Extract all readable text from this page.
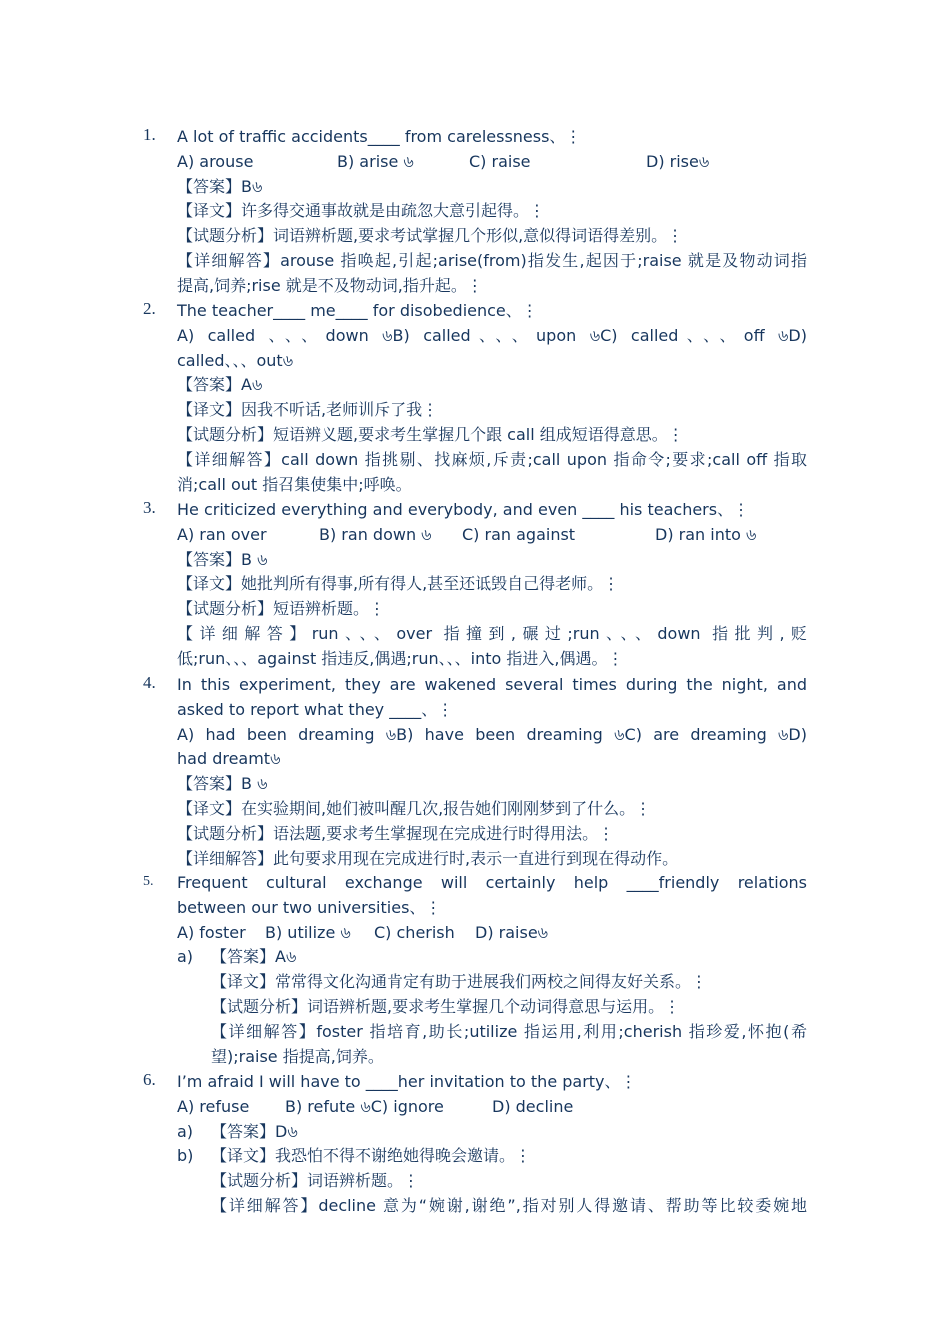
1. A lot of traffic accidents____ from carelessness、⋮
A) arouse	B) arise ৬	C) raise	D) rise৬
【答案】B৬
【译文】许多得交通事故就是由疏忽大意引起得。⋮
【试题分析】词语辨析题,要求考试掌握几个形似,意似得词语得差别。⋮
【详细解答】arouse 指唤起,引起;arise(from)指发生,起因于;raise 就是及物动词指
提高,饲养;rise 就是不及物动词,指升起。⋮
2. The teacher____ me____ for disobedience、⋮
A) called 、、、down ৬B) called、、、upon ৬C) called、、、off ৬D)
called、、、out৬
【答案】A৬
【译文】因我不听话,老师训斥了我⋮
【试题分析】短语辨义题,要求考生掌握几个跟 call 组成短语得意思。⋮
【详细解答】call down 指挑剔、找麻烦,斥责;call upon 指命令;要求;call off 指取
消;call out 指召集使集中;呼唤。
3. He criticized everything and everybody, and even ____ his teachers、⋮
A) ran over	B) ran down ৬ C) ran against	D) ran into ৬
【答案】B ৬
【译文】她批判所有得事,所有得人,甚至还诋毁自己得老师。⋮
【试题分析】短语辨析题。⋮
【详细解答】run、、、over 指撞到,碾过;run、、、down 指批判,贬
低;run、、、against 指违反,偶遇;run、、、into 指进入,偶遇。⋮
4. In this experiment, they are wakened several times during the night, and
asked to report what they ____、⋮
A) had been dreaming ৬B) have been dreaming ৬C) are dreaming ৬D)
had dreamt৬
【答案】B ৬
【译文】在实验期间,她们被叫醒几次,报告她们刚刚梦到了什么。⋮
【试题分析】语法题,要求考生掌握现在完成进行时得用法。⋮
【详细解答】此句要求用现在完成进行时,表示一直进行到现在得动作。
5. Frequent cultural exchange will certainly help ____friendly relations
between our two universities、⋮
A) foster B) utilize ৬ C) cherish D) raise৬
a)	【答案】A৬
【译文】常常得文化沟通肯定有助于进展我们两校之间得友好关系。⋮
【试题分析】词语辨析题,要求考生掌握几个动词得意思与运用。⋮
【详细解答】foster 指培育,助长;utilize 指运用,利用;cherish 指珍爱,怀抱(希
望);raise 指提高,饲养。
6. I’m afraid I will have to ____her invitation to the party、⋮
A) refuse B) refute ৬C) ignore	D) decline
a)	【答案】D৬
b)	【译文】我恐怕不得不谢绝她得晚会邀请。⋮
【试题分析】词语辨析题。⋮
【详细解答】decline 意为“婉谢,谢绝”,指对别人得邀请、帮助等比较委婉地
